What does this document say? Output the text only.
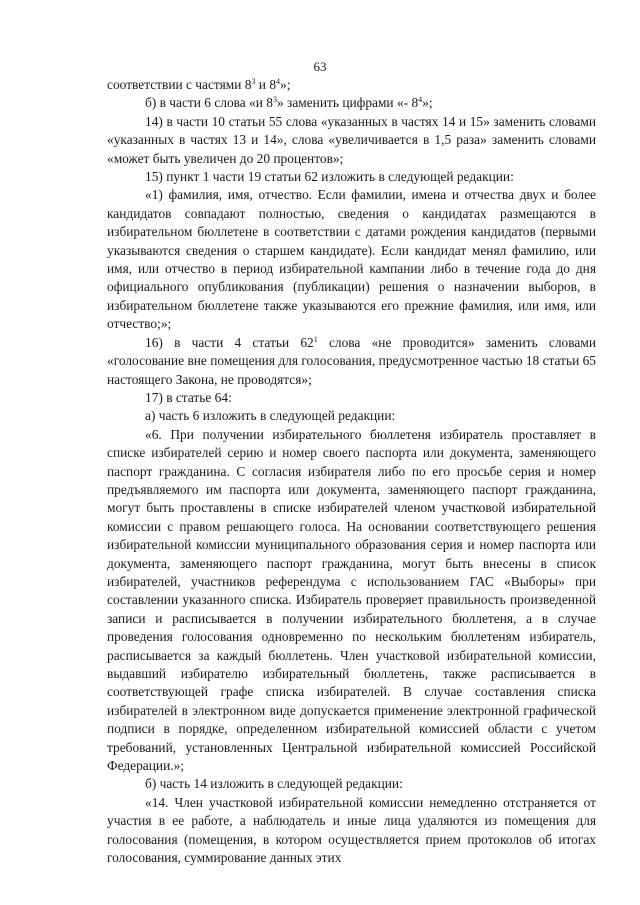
63

соответствии с частями $8^3$ и $8^4$»;

б) в части 6 слова «и $8^3$» заменить цифрами «- $8^4$»;

14) в части 10 статьи 55 слова «указанных в частях 14 и 15» заменить словами «указанных в частях 13 и 14», слова «увеличивается в 1,5 раза» заменить словами «может быть увеличен до 20 процентов»;

15) пункт 1 части 19 статьи 62 изложить в следующей редакции:

«1) фамилия, имя, отчество. Если фамилии, имена и отчества двух и более кандидатов совпадают полностью, сведения о кандидатах размещаются в избирательном бюллетене в соответствии с датами рождения кандидатов (первыми указываются сведения о старшем кандидате). Если кандидат менял фамилию, или имя, или отчество в период избирательной кампании либо в течение года до дня официального опубликования (публикации) решения о назначении выборов, в избирательном бюллетене также указываются его прежние фамилия, или имя, или отчество;»;

16) в части 4 статьи $62^1$ слова «не проводится» заменить словами «голосование вне помещения для голосования, предусмотренное частью 18 статьи 65 настоящего Закона, не проводятся»;

17) в статье 64:

а) часть 6 изложить в следующей редакции:

«6. При получении избирательного бюллетеня избиратель проставляет в списке избирателей серию и номер своего паспорта или документа, заменяющего паспорт гражданина. С согласия избирателя либо по его просьбе серия и номер предъявляемого им паспорта или документа, заменяющего паспорт гражданина, могут быть проставлены в списке избирателей членом участковой избирательной комиссии с правом решающего голоса. На основании соответствующего решения избирательной комиссии муниципального образования серия и номер паспорта или документа, заменяющего паспорт гражданина, могут быть внесены в список избирателей, участников референдума с использованием ГАС «Выборы» при составлении указанного списка. Избиратель проверяет правильность произведенной записи и расписывается в получении избирательного бюллетеня, а в случае проведения голосования одновременно по нескольким бюллетеням избиратель, расписывается за каждый бюллетень. Член участковой избирательной комиссии, выдавший избирателю избирательный бюллетень, также расписывается в соответствующей графе списка избирателей. В случае составления списка избирателей в электронном виде допускается применение электронной графической подписи в порядке, определенном избирательной комиссией области с учетом требований, установленных Центральной избирательной комиссией Российской Федерации.»;

б) часть 14 изложить в следующей редакции:

«14. Член участковой избирательной комиссии немедленно отстраняется от участия в ее работе, а наблюдатель и иные лица удаляются из помещения для голосования (помещения, в котором осуществляется прием протоколов об итогах голосования, суммирование данных этих
